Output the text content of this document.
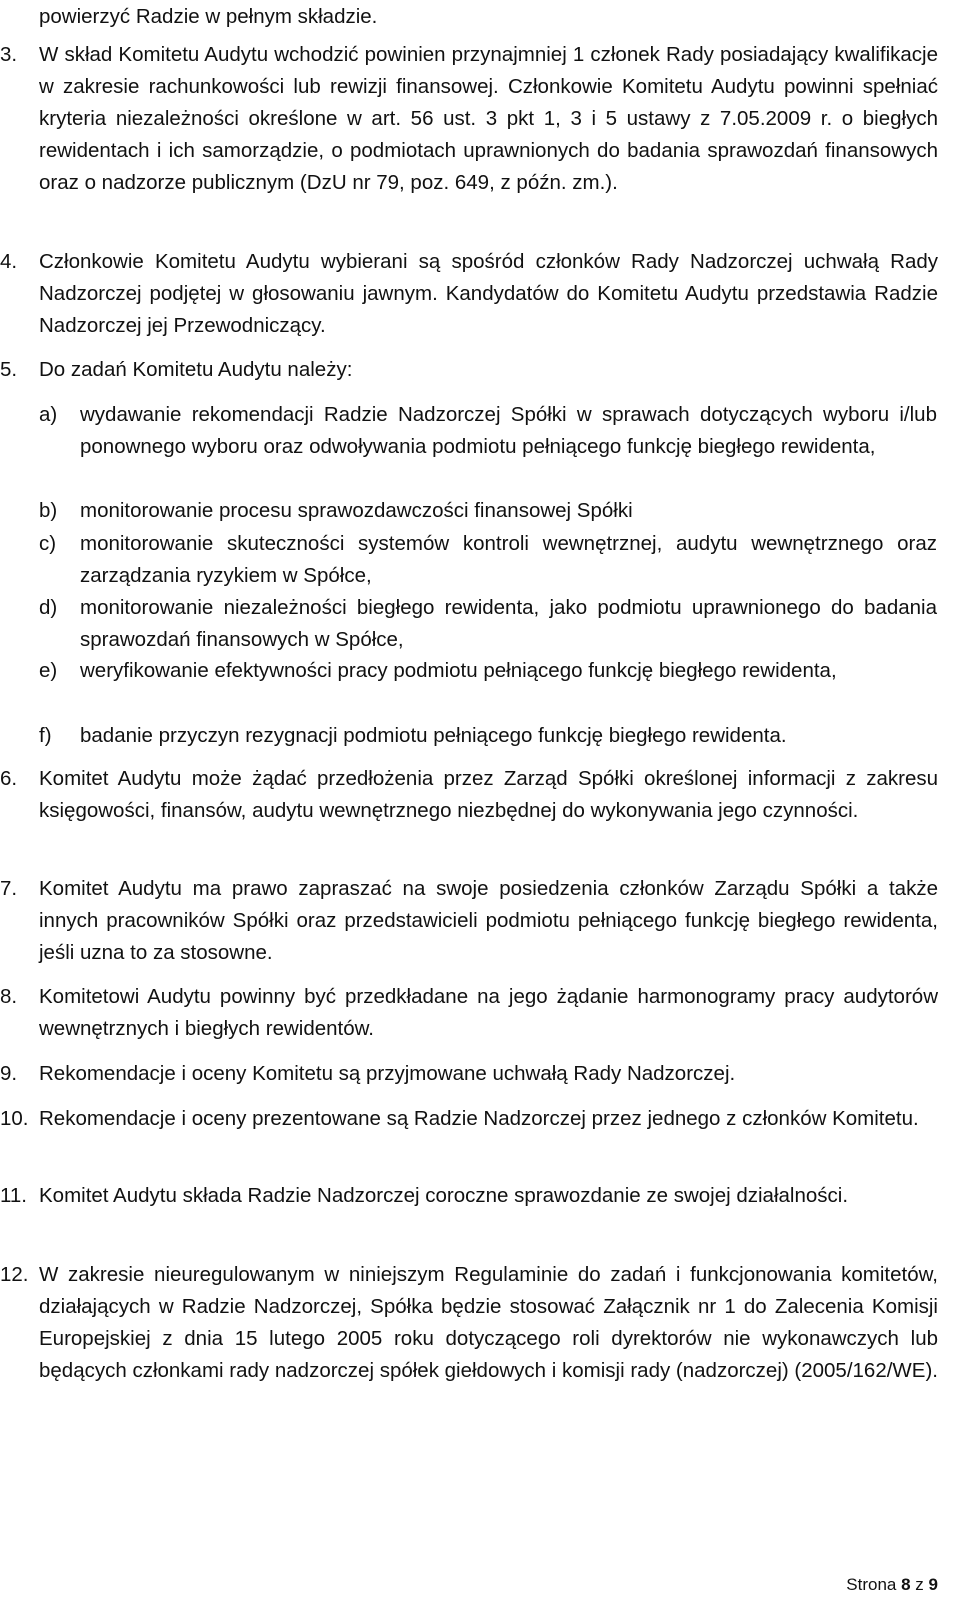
powierzyć Radzie w pełnym składzie.
3.	W skład Komitetu Audytu wchodzić powinien przynajmniej 1 członek Rady posiadający kwalifikacje w zakresie rachunkowości lub rewizji finansowej. Członkowie Komitetu Audytu powinni spełniać kryteria niezależności określone w art. 56 ust. 3 pkt 1, 3 i 5 ustawy z 7.05.2009 r. o biegłych rewidentach i ich samorządzie, o podmiotach uprawnionych do badania sprawozdań finansowych oraz o nadzorze publicznym (DzU nr 79, poz. 649, z późn. zm.).
4.	Członkowie Komitetu Audytu wybierani są spośród członków Rady Nadzorczej uchwałą Rady Nadzorczej podjętej w głosowaniu jawnym. Kandydatów do Komitetu Audytu przedstawia Radzie Nadzorczej jej Przewodniczący.
5.	Do zadań Komitetu Audytu należy:
a)	wydawanie rekomendacji Radzie Nadzorczej Spółki w sprawach dotyczących wyboru i/lub ponownego wyboru oraz odwoływania podmiotu pełniącego funkcję biegłego rewidenta,
b)	monitorowanie procesu sprawozdawczości finansowej Spółki
c)	monitorowanie skuteczności systemów kontroli wewnętrznej, audytu wewnętrznego oraz zarządzania ryzykiem w Spółce,
d)	monitorowanie niezależności biegłego rewidenta, jako podmiotu uprawnionego do badania sprawozdań finansowych w Spółce,
e)	weryfikowanie efektywności pracy podmiotu pełniącego funkcję biegłego rewidenta,
f)	badanie przyczyn rezygnacji podmiotu pełniącego funkcję biegłego rewidenta.
6.	Komitet Audytu może żądać przedłożenia przez Zarząd Spółki określonej informacji z zakresu księgowości, finansów, audytu wewnętrznego niezbędnej do wykonywania jego czynności.
7.	Komitet Audytu ma prawo zapraszać na swoje posiedzenia członków Zarządu Spółki a także innych pracowników Spółki oraz przedstawicieli podmiotu pełniącego funkcję biegłego rewidenta, jeśli uzna to za stosowne.
8.	Komitetowi Audytu powinny być przedkładane na jego żądanie harmonogramy pracy audytorów wewnętrznych i biegłych rewidentów.
9.	Rekomendacje i oceny Komitetu są przyjmowane uchwałą Rady Nadzorczej.
10. Rekomendacje i oceny prezentowane są Radzie Nadzorczej przez jednego z członków Komitetu.
11. Komitet Audytu składa Radzie Nadzorczej coroczne sprawozdanie ze swojej działalności.
12. W zakresie nieuregulowanym w niniejszym Regulaminie do zadań i funkcjonowania komitetów, działających w Radzie Nadzorczej, Spółka będzie stosować Załącznik nr 1 do Zalecenia Komisji Europejskiej z dnia 15 lutego 2005 roku dotyczącego roli dyrektorów nie wykonawczych lub będących członkami rady nadzorczej spółek giełdowych i komisji rady (nadzorczej) (2005/162/WE).
Strona 8 z 9
